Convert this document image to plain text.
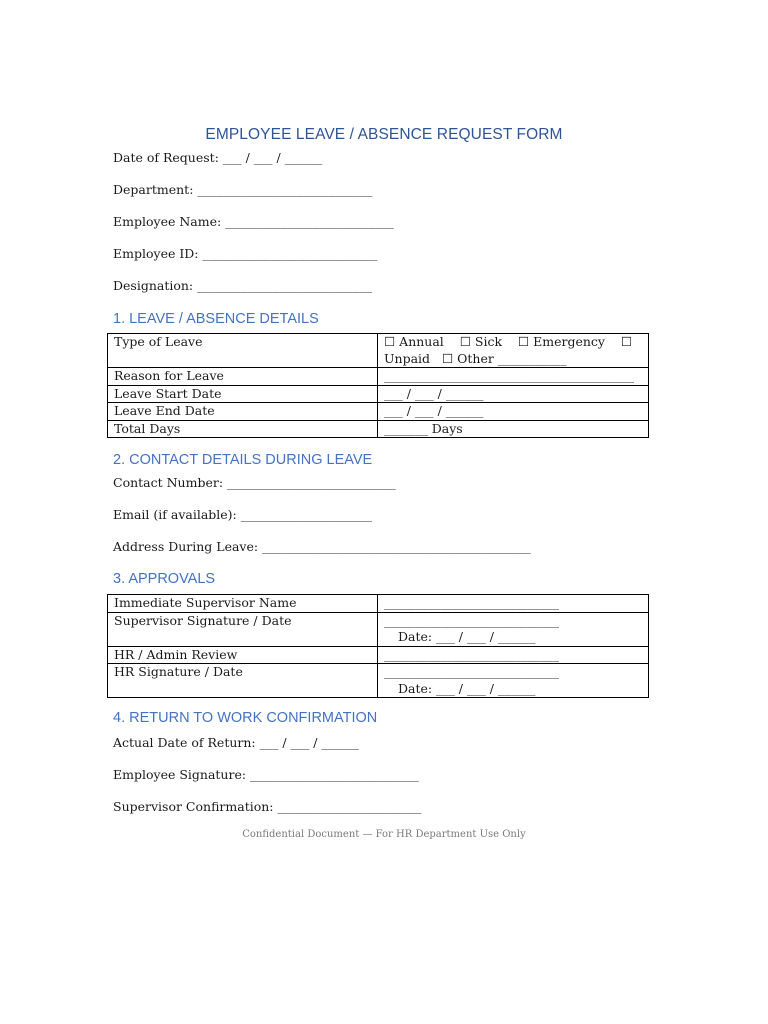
EMPLOYEE LEAVE / ABSENCE REQUEST FORM
Date of Request: ___ / ___ / ______
Department: ____________________________
Employee Name: ___________________________
Employee ID: ____________________________
Designation: ____________________________
1. LEAVE / ABSENCE DETAILS
Type of Leave	☐ Annual    ☐ Sick    ☐ Emergency    ☐ Unpaid   ☐ Other ___________
Reason for Leave	________________________________________
Leave Start Date	___ / ___ / ______
Leave End Date	___ / ___ / ______
Total Days	_______ Days
2. CONTACT DETAILS DURING LEAVE
Contact Number: ___________________________
Email (if available): _____________________
Address During Leave: ___________________________________________
3. APPROVALS
Immediate Supervisor Name	____________________________
Supervisor Signature / Date	____________________________Date: ___ / ___ / ______
HR / Admin Review	____________________________
HR Signature / Date	____________________________Date: ___ / ___ / ______
4. RETURN TO WORK CONFIRMATION
Actual Date of Return: ___ / ___ / ______
Employee Signature: ___________________________
Supervisor Confirmation: _______________________
Confidential Document — For HR Department Use Only
